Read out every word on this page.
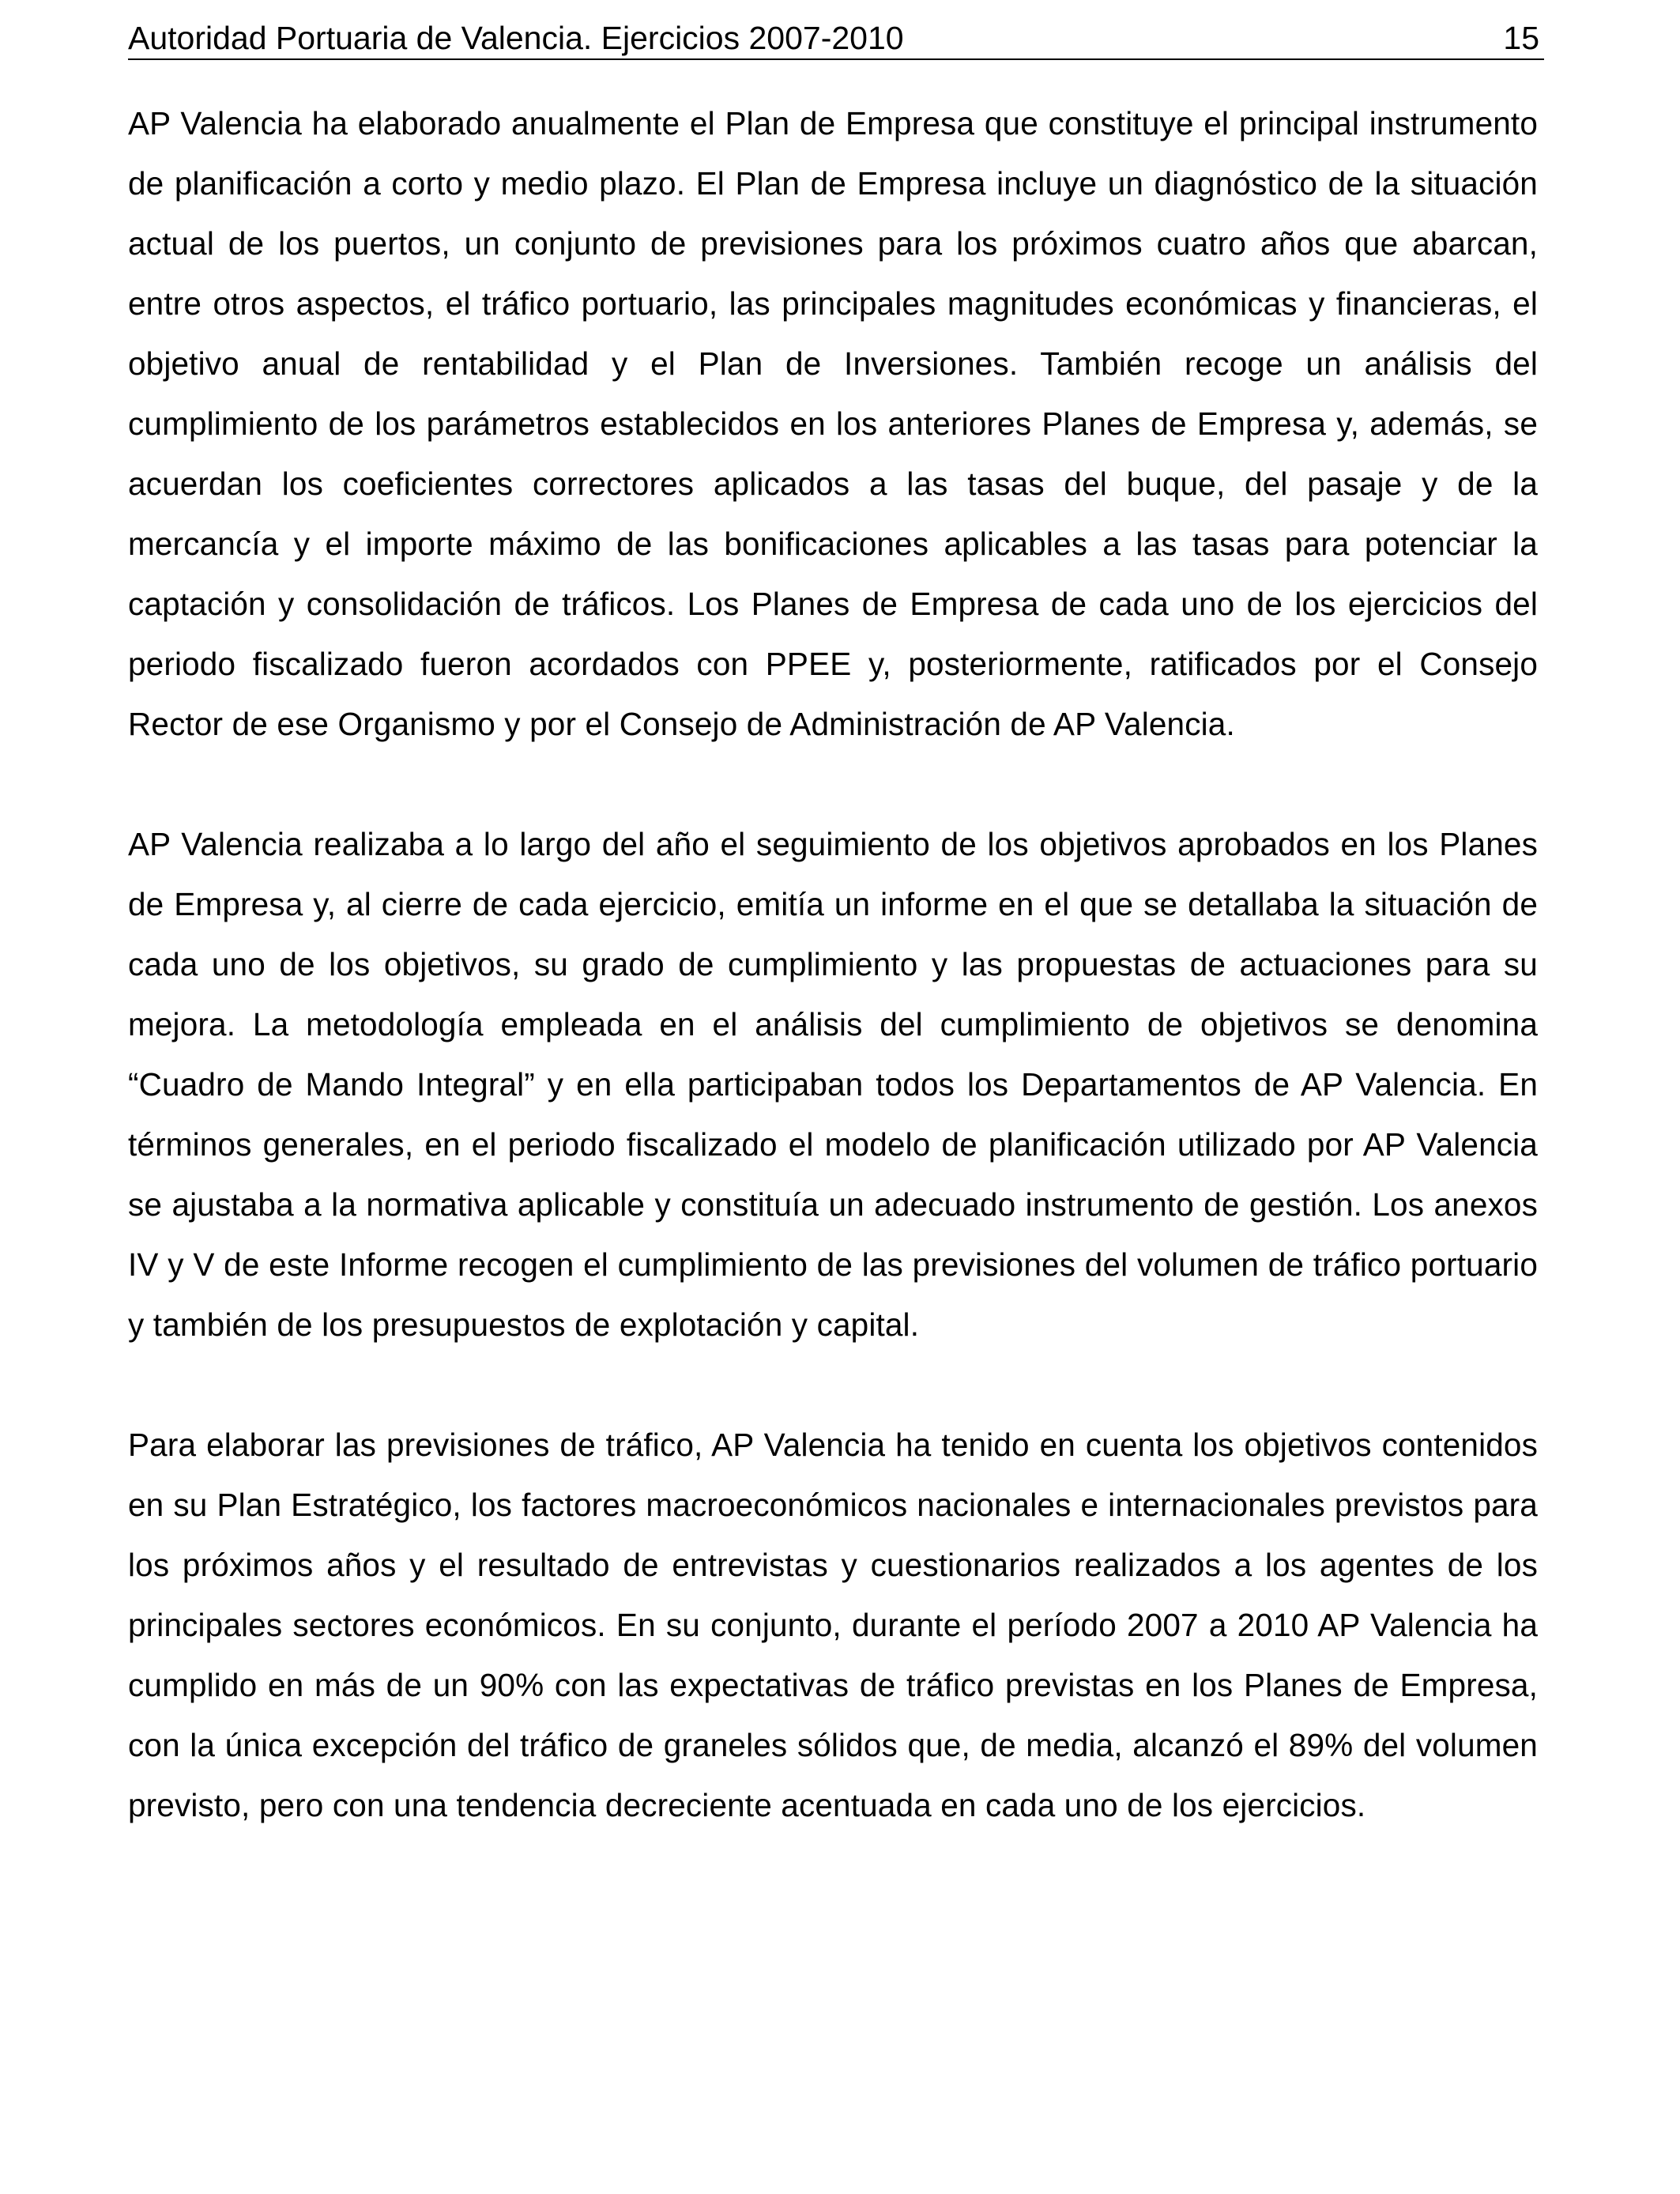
Autoridad Portuaria de Valencia. Ejercicios 2007-2010	15

AP Valencia ha elaborado anualmente el Plan de Empresa que constituye el principal instrumento de planificación a corto y medio plazo. El Plan de Empresa incluye un diagnóstico de la situación actual de los puertos, un conjunto de previsiones para los próximos cuatro años que abarcan, entre otros aspectos, el tráfico portuario, las principales magnitudes económicas y financieras, el objetivo anual de rentabilidad y el Plan de Inversiones. También recoge un análisis del cumplimiento de los parámetros establecidos en los anteriores Planes de Empresa y, además, se acuerdan los coeficientes correctores aplicados a las tasas del buque, del pasaje y de la mercancía y el importe máximo de las bonificaciones aplicables a las tasas para potenciar la captación y consolidación de tráficos. Los Planes de Empresa de cada uno de los ejercicios del periodo fiscalizado fueron acordados con PPEE y, posteriormente, ratificados por el Consejo Rector de ese Organismo y por el Consejo de Administración de AP Valencia.

AP Valencia realizaba a lo largo del año el seguimiento de los objetivos aprobados en los Planes de Empresa y, al cierre de cada ejercicio, emitía un informe en el que se detallaba la situación de cada uno de los objetivos, su grado de cumplimiento y las propuestas de actuaciones para su mejora. La metodología empleada en el análisis del cumplimiento de objetivos se denomina “Cuadro de Mando Integral” y en ella participaban todos los Departamentos de AP Valencia. En términos generales, en el periodo fiscalizado el modelo de planificación utilizado por AP Valencia se ajustaba a la normativa aplicable y constituía un adecuado instrumento de gestión. Los anexos IV y V de este Informe recogen el cumplimiento de las previsiones del volumen de tráfico portuario y también de los presupuestos de explotación y capital.

Para elaborar las previsiones de tráfico, AP Valencia ha tenido en cuenta los objetivos contenidos en su Plan Estratégico, los factores macroeconómicos nacionales e internacionales previstos para los próximos años y el resultado de entrevistas y cuestionarios realizados a los agentes de los principales sectores económicos. En su conjunto, durante el período 2007 a 2010 AP Valencia ha cumplido en más de un 90% con las expectativas de tráfico previstas en los Planes de Empresa, con la única excepción del tráfico de graneles sólidos que, de media, alcanzó el 89% del volumen previsto, pero con una tendencia decreciente acentuada en cada uno de los ejercicios.
